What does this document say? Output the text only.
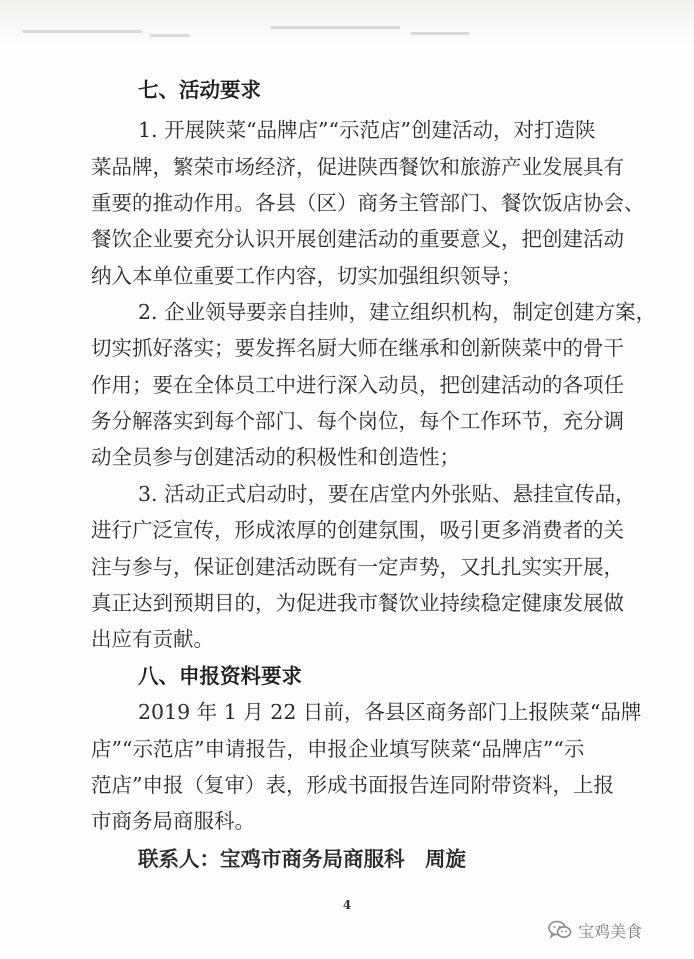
七、活动要求
1. 开展陕菜“品牌店”“示范店”创建活动，对打造陕
菜品牌，繁荣市场经济，促进陕西餐饮和旅游产业发展具有
重要的推动作用。各县（区）商务主管部门、餐饮饭店协会、
餐饮企业要充分认识开展创建活动的重要意义，把创建活动
纳入本单位重要工作内容，切实加强组织领导；
2. 企业领导要亲自挂帅，建立组织机构，制定创建方案，
切实抓好落实；要发挥名厨大师在继承和创新陕菜中的骨干
作用；要在全体员工中进行深入动员，把创建活动的各项任
务分解落实到每个部门、每个岗位，每个工作环节，充分调
动全员参与创建活动的积极性和创造性；
3. 活动正式启动时，要在店堂内外张贴、悬挂宣传品，
进行广泛宣传，形成浓厚的创建氛围，吸引更多消费者的关
注与参与，保证创建活动既有一定声势，又扎扎实实开展，
真正达到预期目的，为促进我市餐饮业持续稳定健康发展做
出应有贡献。
八、申报资料要求
2019 年 1 月 22 日前，各县区商务部门上报陕菜“品牌
店”“示范店”申请报告，申报企业填写陕菜“品牌店”“示
范店”申报（复审）表，形成书面报告连同附带资料，上报
市商务局商服科。
联系人：宝鸡市商务局商服科　周旋
4
宝鸡美食
